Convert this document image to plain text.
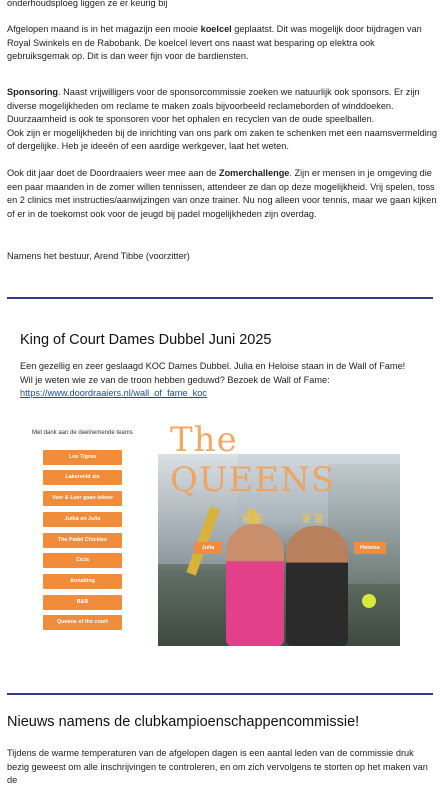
onderhoudsploeg liggen ze er keurig bij

Afgelopen maand is in het magazijn een mooie koelcel geplaatst. Dit was mogelijk door bijdragen van Royal Swinkels en de Rabobank. De koelcel levert ons naast wat besparing op elektra ook gebruiksgemak op. Dit is dan weer fijn voor de bardiensten.

Sponsoring. Naast vrijwilligers voor de sponsorcommissie zoeken we natuurlijk ook sponsors. Er zijn diverse mogelijkheden om reclame te maken zoals bijvoorbeeld reclameborden of winddoeken. Duurzaamheid is ook te sponsoren voor het ophalen en recyclen van de oude speelballen.
Ook zijn er mogelijkheden bij de inrichting van ons park om zaken te schenken met een naamsvermelding of dergelijke. Heb je ideeën of een aardige werkgever, laat het weten.

Ook dit jaar doet de Doordraaiers weer mee aan de Zomerchallenge. Zijn er mensen in je omgeving die een paar maanden in de zomer willen tennissen, attendeer ze dan op deze mogelijkheid. Vrij spelen, toss en 2 clinics met instructies/aanwijzingen van onze trainer. Nu nog alleen voor tennis, maar we gaan kijken of er in de toekomst ook voor de jeugd bij padel mogelijkheden zijn overdag.

Namens het bestuur, Arend Tibbe (voorzitter)

King of Court Dames Dubbel Juni 2025

Een gezellig en zeer geslaagd KOC Dames Dubbel. Julia en Heloise staan in de Wall of Fame! Wil je weten wie ze van de troon hebben geduwd? Bezoek de Wall of Fame: https://www.doordraaiers.nl/wall_of_fame_koc

Met dank aan de deelnemende teams
Los Tigres
Lakerveld sis
Veer & Leer gaan tekeer
Jutka en Julia
The Padel Chickies
Cicla
Annabing
B&B
Queens of the court
♛♛ ♛♛
Julia	Heloise
The QUEENS
Nieuws namens de clubkampioenschappencommissie!

Tijdens de warme temperaturen van de afgelopen dagen is een aantal leden van de commissie druk bezig geweest om alle inschrijvingen te controleren, en om zich vervolgens te storten op het maken van de
